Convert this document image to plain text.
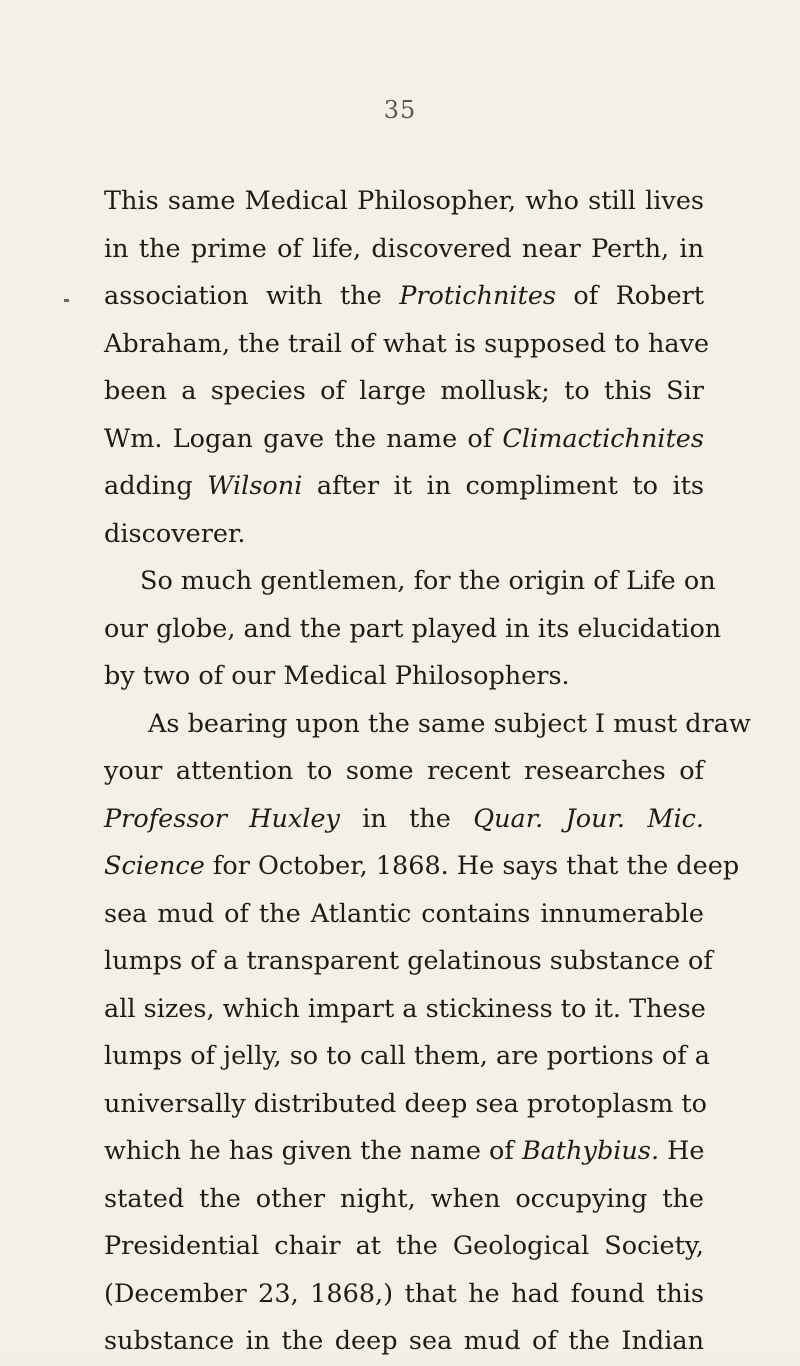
35
This same Medical Philosopher, who still lives
in the prime of life, discovered near Perth, in
association with the Protichnites of Robert
Abraham, the trail of what is supposed to have
been a species of large mollusk; to this Sir
Wm. Logan gave the name of Climactichnites
adding Wilsoni after it in compliment to its
discoverer.
So much gentlemen, for the origin of Life on
our globe, and the part played in its elucidation
by two of our Medical Philosophers.
As bearing upon the same subject I must draw
your attention to some recent researches of
Professor Huxley in the Quar. Jour. Mic.
Science for October, 1868. He says that the deep
sea mud of the Atlantic contains innumerable
lumps of a transparent gelatinous substance of
all sizes, which impart a stickiness to it. These
lumps of jelly, so to call them, are portions of a
universally distributed deep sea protoplasm to
which he has given the name of Bathybius. He
stated the other night, when occupying the
Presidential chair at the Geological Society,
(December 23, 1868,) that he had found this
substance in the deep sea mud of the Indian
